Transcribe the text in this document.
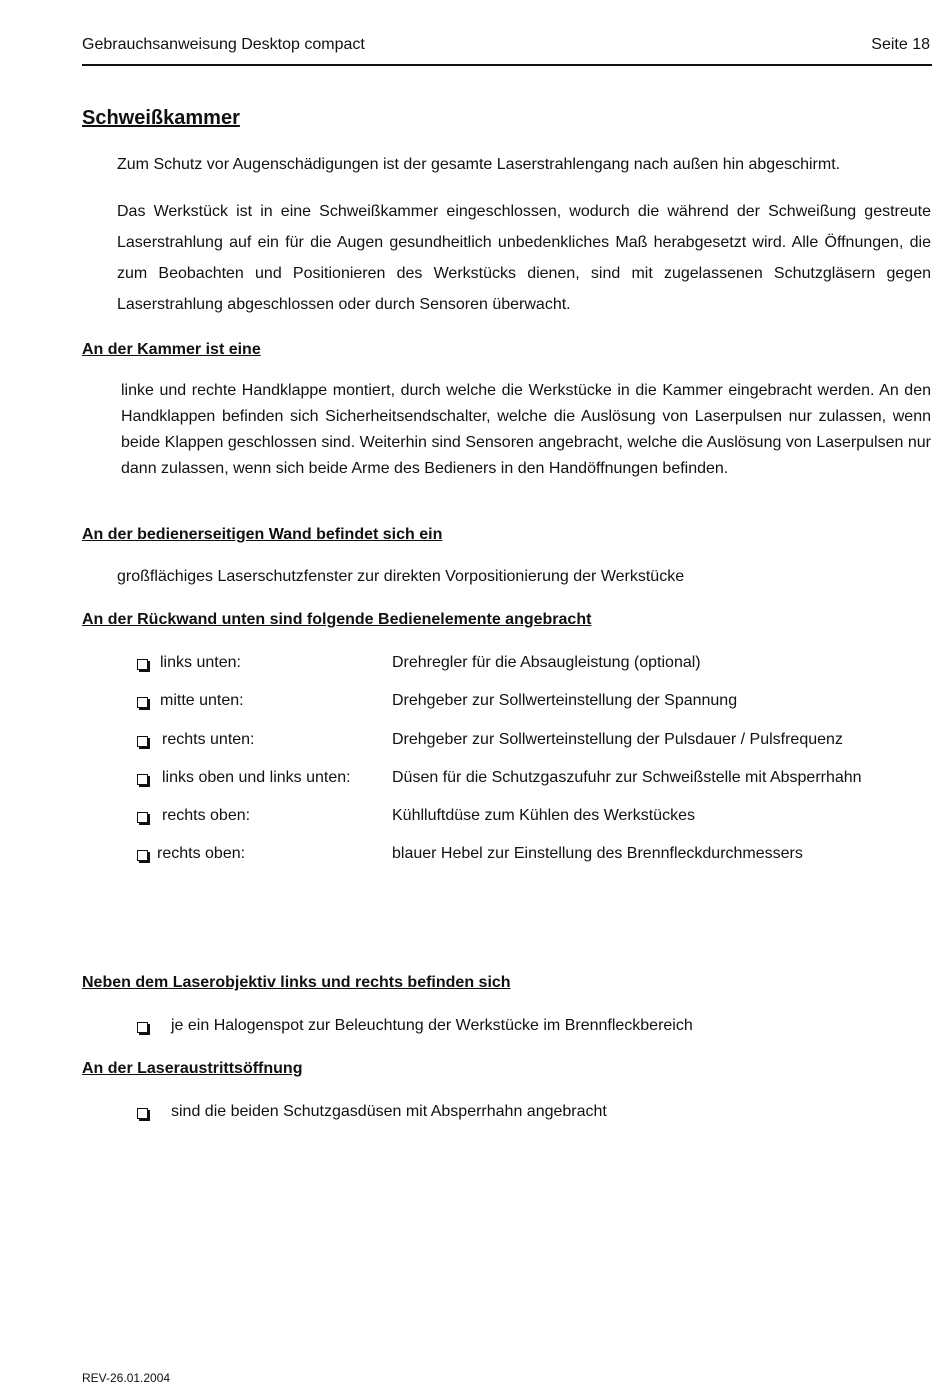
Gebrauchsanweisung Desktop compact	Seite 18
Schweißkammer
Zum Schutz vor Augenschädigungen ist der gesamte Laserstrahlengang nach außen hin abgeschirmt.
Das Werkstück ist in eine Schweißkammer eingeschlossen, wodurch die während der Schweißung gestreute Laserstrahlung auf ein für die Augen gesundheitlich unbedenkliches Maß herabgesetzt wird. Alle Öffnungen, die zum Beobachten und Positionieren des Werkstücks dienen, sind mit zugelassenen Schutzgläsern gegen Laserstrahlung abgeschlossen oder durch Sensoren überwacht.
An der Kammer ist eine
linke und rechte Handklappe montiert, durch welche die Werkstücke in die Kammer eingebracht werden. An den Handklappen befinden sich Sicherheitsendschalter, welche die Auslösung von Laserpulsen nur zulassen, wenn beide Klappen geschlossen sind. Weiterhin sind Sensoren angebracht, welche die Auslösung von Laserpulsen nur dann zulassen, wenn sich beide Arme des Bedieners in den Handöffnungen befinden.
An der bedienerseitigen Wand befindet sich ein
großflächiges Laserschutzfenster zur direkten Vorpositionierung der Werkstücke
An der Rückwand unten sind folgende Bedienelemente angebracht
links unten:	Drehregler für die Absaugleistung (optional)
mitte unten:	Drehgeber zur Sollwerteinstellung der Spannung
rechts unten:	Drehgeber zur Sollwerteinstellung der Pulsdauer / Pulsfrequenz
links oben und links unten:	Düsen für die Schutzgaszufuhr zur Schweißstelle mit Absperrhahn
rechts oben:	Kühlluftdüse zum Kühlen des Werkstückes
rechts oben:	blauer Hebel zur Einstellung des Brennfleckdurchmessers
Neben dem Laserobjektiv links und rechts befinden sich
je ein Halogenspot zur Beleuchtung der Werkstücke im Brennfleckbereich
An der Laseraustrittsöffnung
sind die beiden Schutzgasdüsen mit Absperrhahn angebracht
REV-26.01.2004
